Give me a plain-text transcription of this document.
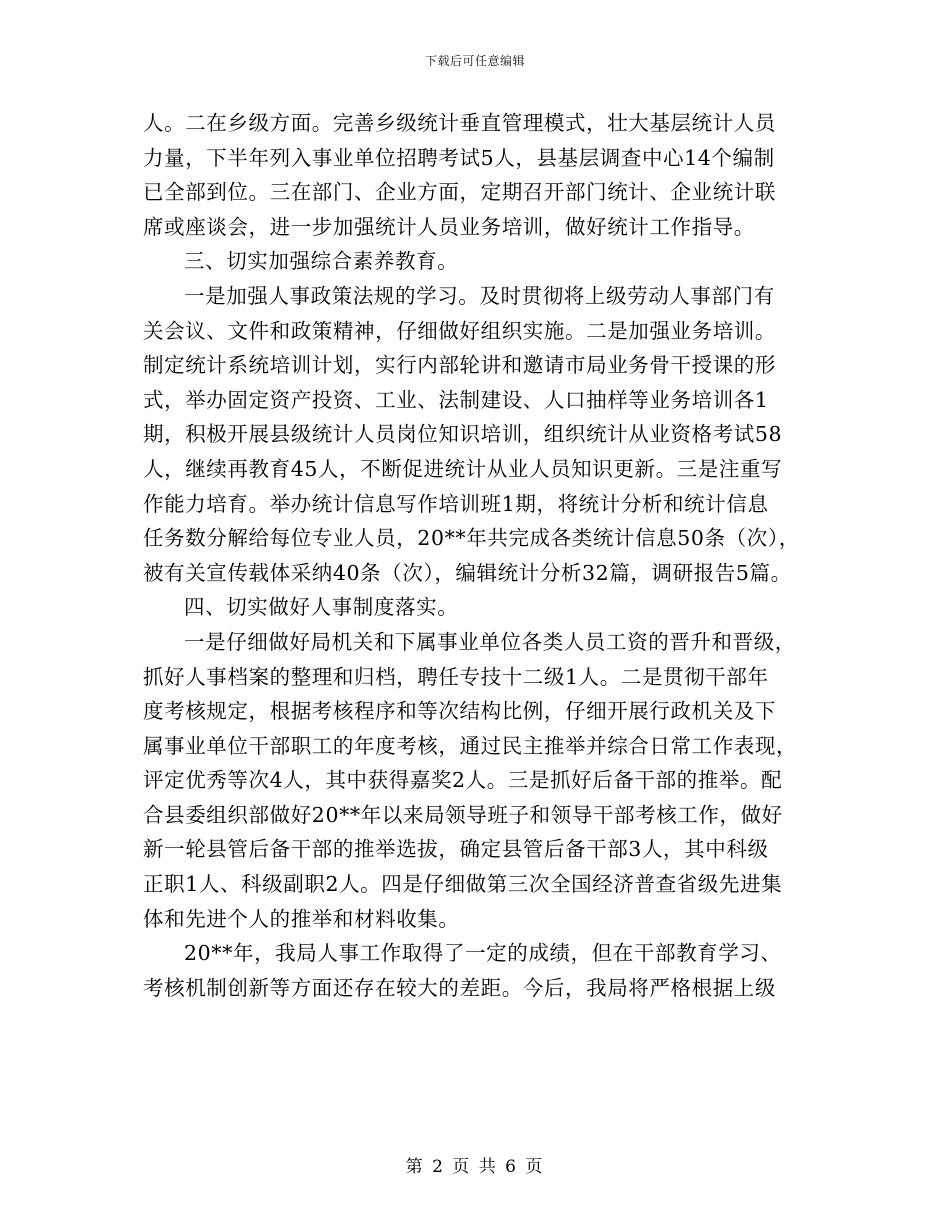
下载后可任意编辑
人。二在乡级方面。完善乡级统计垂直管理模式，壮大基层统计人员
力量，下半年列入事业单位招聘考试5人，县基层调查中心14个编制
已全部到位。三在部门、企业方面，定期召开部门统计、企业统计联
席或座谈会，进一步加强统计人员业务培训，做好统计工作指导。
三、切实加强综合素养教育。
一是加强人事政策法规的学习。及时贯彻将上级劳动人事部门有
关会议、文件和政策精神，仔细做好组织实施。二是加强业务培训。
制定统计系统培训计划，实行内部轮讲和邀请市局业务骨干授课的形
式，举办固定资产投资、工业、法制建设、人口抽样等业务培训各1
期，积极开展县级统计人员岗位知识培训，组织统计从业资格考试58
人，继续再教育45人，不断促进统计从业人员知识更新。三是注重写
作能力培育。举办统计信息写作培训班1期，将统计分析和统计信息
任务数分解给每位专业人员，20**年共完成各类统计信息50条（次），
被有关宣传载体采纳40条（次），编辑统计分析32篇，调研报告5篇。
四、切实做好人事制度落实。
一是仔细做好局机关和下属事业单位各类人员工资的晋升和晋级，
抓好人事档案的整理和归档，聘任专技十二级1人。二是贯彻干部年
度考核规定，根据考核程序和等次结构比例，仔细开展行政机关及下
属事业单位干部职工的年度考核，通过民主推举并综合日常工作表现，
评定优秀等次4人，其中获得嘉奖2人。三是抓好后备干部的推举。配
合县委组织部做好20**年以来局领导班子和领导干部考核工作，做好
新一轮县管后备干部的推举选拔，确定县管后备干部3人，其中科级
正职1人、科级副职2人。四是仔细做第三次全国经济普查省级先进集
体和先进个人的推举和材料收集。
20**年，我局人事工作取得了一定的成绩，但在干部教育学习、
考核机制创新等方面还存在较大的差距。今后，我局将严格根据上级
第 2 页 共 6 页
